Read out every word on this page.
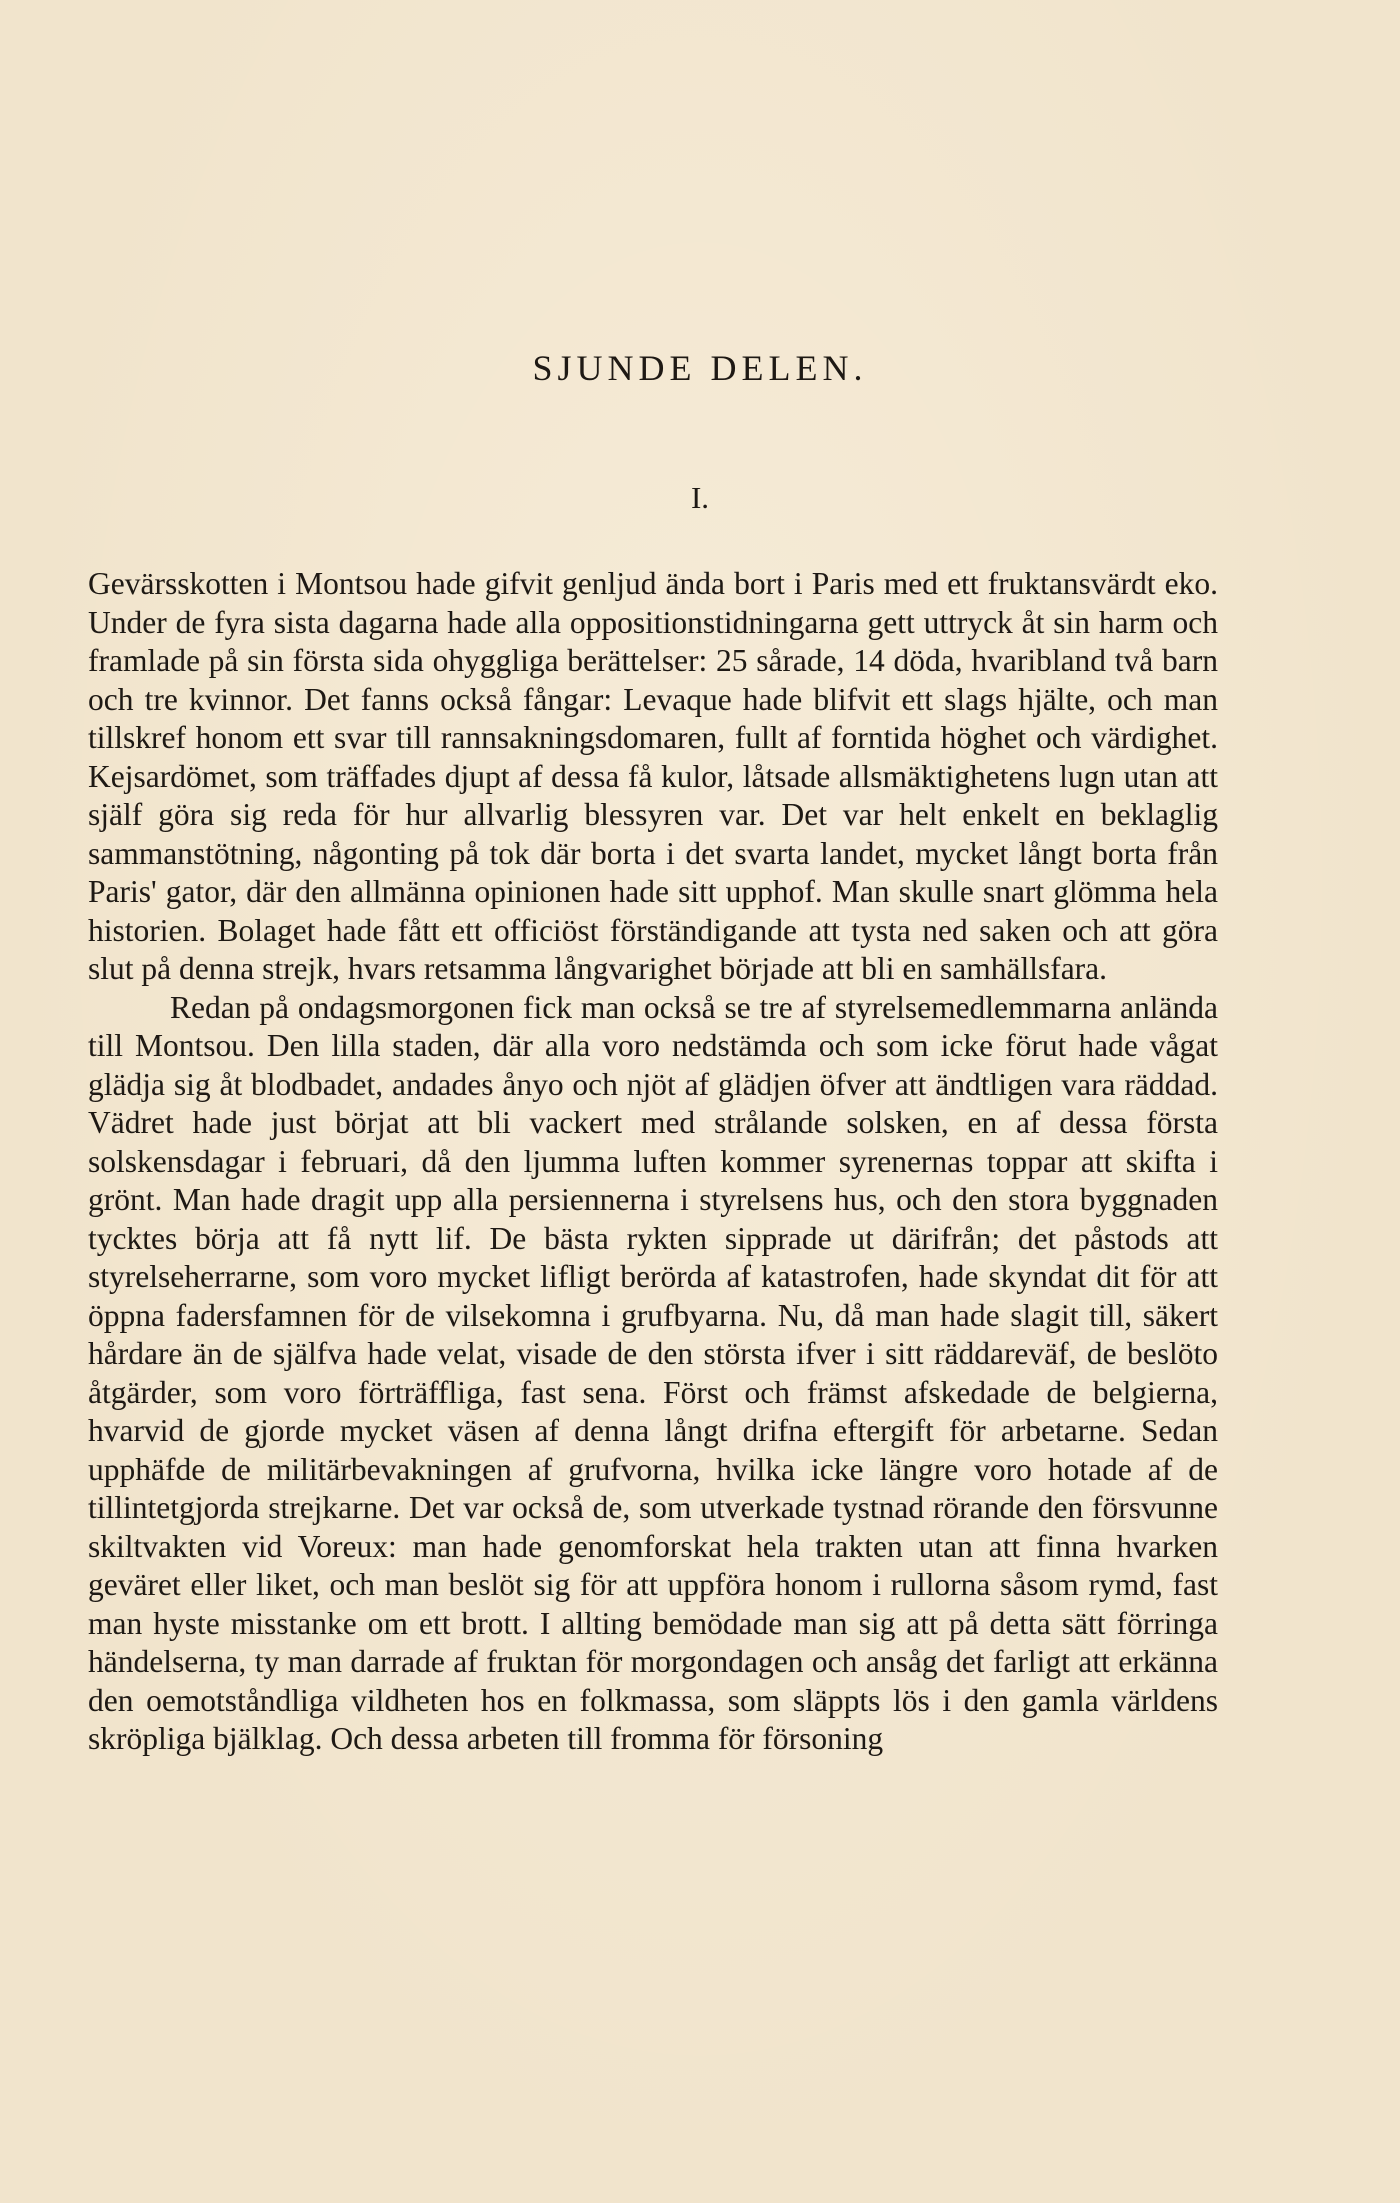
SJUNDE DELEN.
I.

Gevärsskotten i Montsou hade gifvit genljud ända bort i Paris med ett fruktansvärdt eko. Under de fyra sista dagarna hade alla oppositionstidningarna gett uttryck åt sin harm och framlade på sin första sida ohyggliga berättelser: 25 sårade, 14 döda, hvaribland två barn och tre kvinnor. Det fanns också fångar: Levaque hade blifvit ett slags hjälte, och man tillskref honom ett svar till rannsakningsdomaren, fullt af forntida höghet och värdighet. Kejsardömet, som träffades djupt af dessa få kulor, låtsade allsmäktighetens lugn utan att själf göra sig reda för hur allvarlig blessyren var. Det var helt enkelt en beklaglig sammanstötning, någonting på tok där borta i det svarta landet, mycket långt borta från Paris' gator, där den allmänna opinionen hade sitt upphof. Man skulle snart glömma hela historien. Bolaget hade fått ett officiöst förständigande att tysta ned saken och att göra slut på denna strejk, hvars retsamma långvarighet började att bli en samhällsfara.

Redan på ondagsmorgonen fick man också se tre af styrelsemedlemmarna anlända till Montsou. Den lilla staden, där alla voro nedstämda och som icke förut hade vågat glädja sig åt blodbadet, andades ånyo och njöt af glädjen öfver att ändtligen vara räddad. Vädret hade just börjat att bli vackert med strålande solsken, en af dessa första solskensdagar i februari, då den ljumma luften kommer syrenernas toppar att skifta i grönt. Man hade dragit upp alla persiennerna i styrelsens hus, och den stora byggnaden tycktes börja att få nytt lif. De bästa rykten sipprade ut därifrån; det påstods att styrelseherrarne, som voro mycket lifligt berörda af katastrofen, hade skyndat dit för att öppna fadersfamnen för de vilsekomna i grufbyarna. Nu, då man hade slagit till, säkert hårdare än de själfva hade velat, visade de den största ifver i sitt räddareväf, de beslöto åtgärder, som voro förträffliga, fast sena. Först och främst afskedade de belgierna, hvarvid de gjorde mycket väsen af denna långt drifna eftergift för arbetarne. Sedan upphäfde de militärbevakningen af grufvorna, hvilka icke längre voro hotade af de tillintetgjorda strejkarne. Det var också de, som utverkade tystnad rörande den försvunne skiltvakten vid Voreux: man hade genomforskat hela trakten utan att finna hvarken geväret eller liket, och man beslöt sig för att uppföra honom i rullorna såsom rymd, fast man hyste misstanke om ett brott. I allting bemödade man sig att på detta sätt förringa händelserna, ty man darrade af fruktan för morgondagen och ansåg det farligt att erkänna den oemotståndliga vildheten hos en folkmassa, som släppts lös i den gamla världens skröpliga bjälklag. Och dessa arbeten till fromma för försoning
